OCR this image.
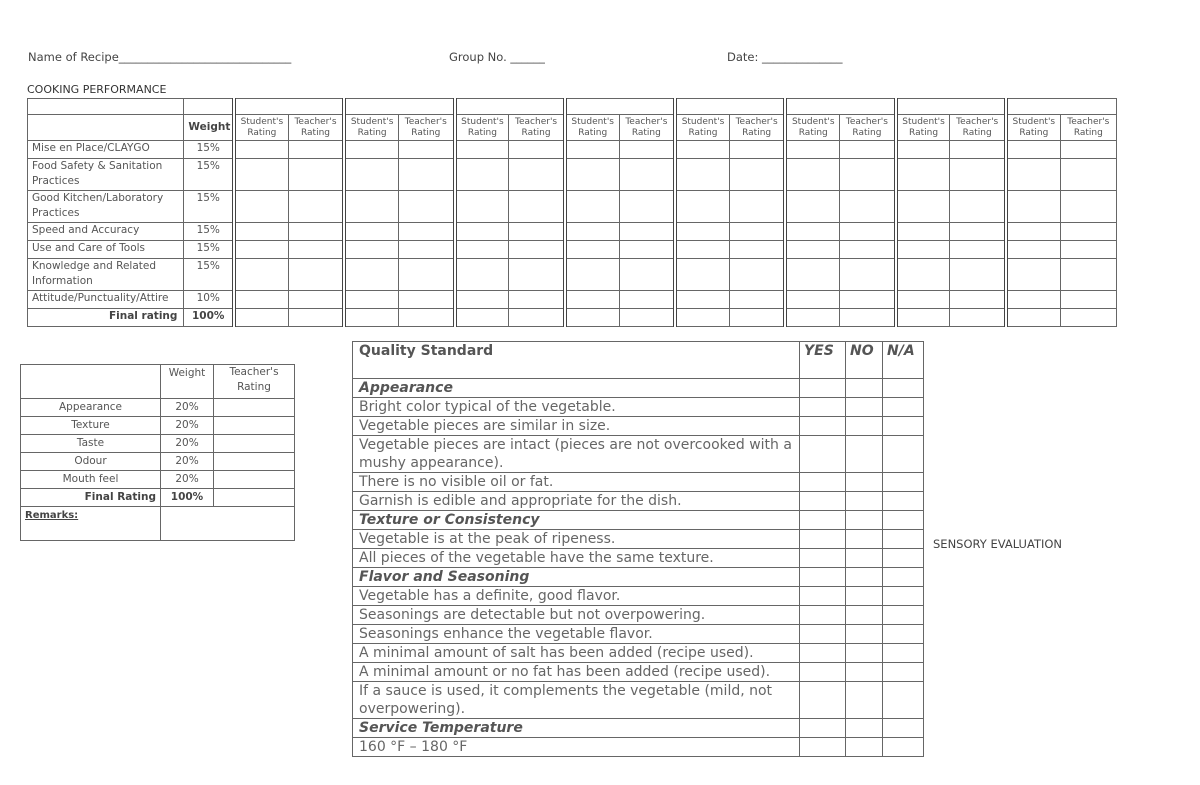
Name of Recipe______________________________	Group No. ______	Date: ______________
COOKING PERFORMANCE

	Weight	Student's Rating	Teacher's Rating	Student's Rating	Teacher's Rating	Student's Rating	Teacher's Rating	Student's Rating	Teacher's Rating	Student's Rating	Teacher's Rating	Student's Rating	Teacher's Rating	Student's Rating	Teacher's Rating	Student's Rating	Teacher's Rating
Mise en Place/CLAYGO	15%																
Food Safety & Sanitation Practices	15%																
Good Kitchen/Laboratory Practices	15%																
Speed and Accuracy	15%																
Use and Care of Tools	15%																
Knowledge and Related Information	15%																
Attitude/Punctuality/Attire	10%																
Final rating	100%																
	Weight	Teacher's Rating
Appearance	20%	
Texture	20%	
Taste	20%	
Odour	20%	
Mouth feel	20%	
Final Rating	100%	
Remarks:		
SENSORY EVALUATION
Quality Standard	YES	NO	N/A
Appearance			
Bright color typical of the vegetable.			
Vegetable pieces are similar in size.			
Vegetable pieces are intact (pieces are not overcooked with a mushy appearance).			
There is no visible oil or fat.			
Garnish is edible and appropriate for the dish.			
Texture or Consistency			
Vegetable is at the peak of ripeness.			
All pieces of the vegetable have the same texture.			
Flavor and Seasoning			
Vegetable has a definite, good flavor.			
Seasonings are detectable but not overpowering.			
Seasonings enhance the vegetable flavor.			
A minimal amount of salt has been added (recipe used).			
A minimal amount or no fat has been added (recipe used).			
If a sauce is used, it complements the vegetable (mild, not overpowering).			
Service Temperature			
160 °F – 180 °F			
